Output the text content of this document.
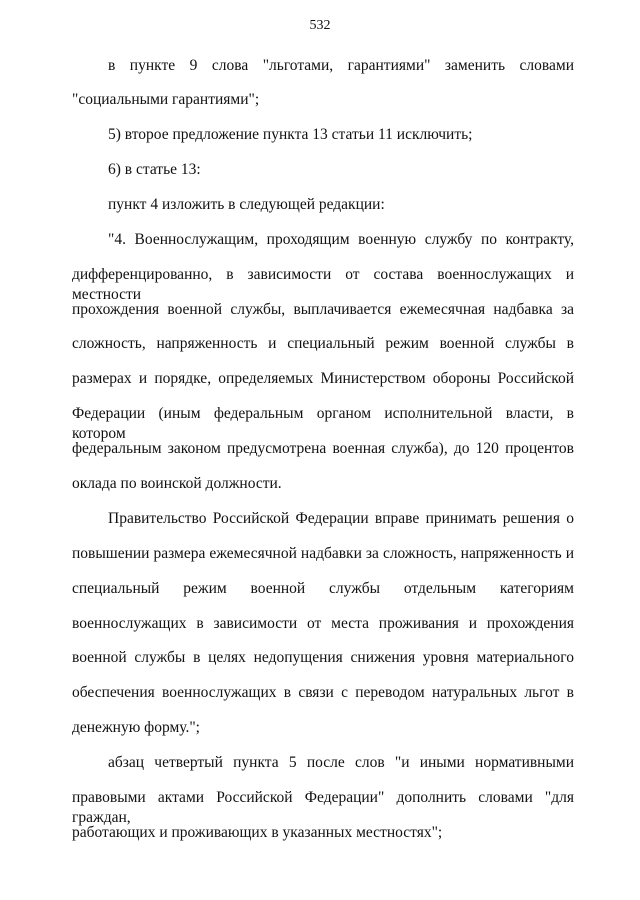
532
в пункте 9 слова "льготами, гарантиями" заменить словами
"социальными гарантиями";
5) второе предложение пункта 13 статьи 11 исключить;
6) в статье 13:
пункт 4 изложить в следующей редакции:
"4. Военнослужащим, проходящим военную службу по контракту,
дифференцированно, в зависимости от состава военнослужащих и местности
прохождения военной службы, выплачивается ежемесячная надбавка за
сложность, напряженность и специальный режим военной службы в
размерах и порядке, определяемых Министерством обороны Российской
Федерации (иным федеральным органом исполнительной власти, в котором
федеральным законом предусмотрена военная служба), до 120 процентов
оклада по воинской должности.
Правительство Российской Федерации вправе принимать решения о
повышении размера ежемесячной надбавки за сложность, напряженность и
специальный режим военной службы отдельным категориям
военнослужащих в зависимости от места проживания и прохождения
военной службы в целях недопущения снижения уровня материального
обеспечения военнослужащих в связи с переводом натуральных льгот в
денежную форму.";
абзац четвертый пункта 5 после слов "и иными нормативными
правовыми актами Российской Федерации" дополнить словами "для граждан,
работающих и проживающих в указанных местностях";
